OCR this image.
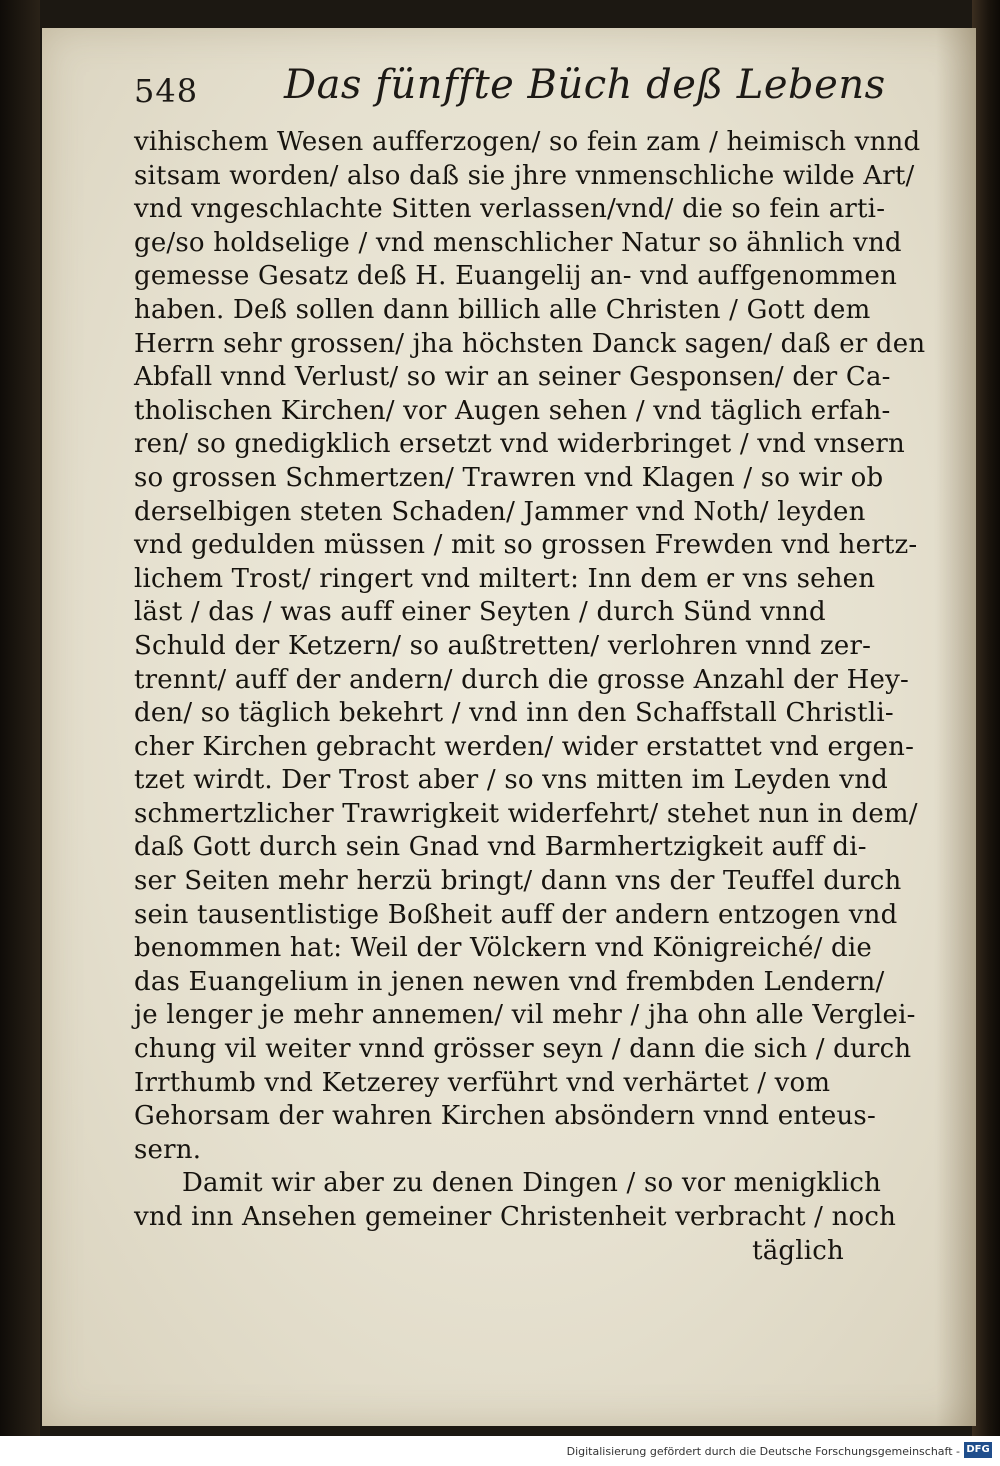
548 Das fünffte Büch deß Lebens
vihischem Wesen aufferzogen/ so fein zam / heimisch vnnd
sitsam worden/ also daß sie jhre vnmenschliche wilde Art/
vnd vngeschlachte Sitten verlassen/vnd/ die so fein arti-
ge/so holdselige / vnd menschlicher Natur so ähnlich vnd
gemesse Gesatz deß H. Euangelij an- vnd auffgenommen
haben. Deß sollen dann billich alle Christen / Gott dem
Herrn sehr grossen/ jha höchsten Danck sagen/ daß er den
Abfall vnnd Verlust/ so wir an seiner Gesponsen/ der Ca-
tholischen Kirchen/ vor Augen sehen / vnd täglich erfah-
ren/ so gnedigklich ersetzt vnd widerbringet / vnd vnsern
so grossen Schmertzen/ Trawren vnd Klagen / so wir ob
derselbigen steten Schaden/ Jammer vnd Noth/ leyden
vnd gedulden müssen / mit so grossen Frewden vnd hertz-
lichem Trost/ ringert vnd miltert: Inn dem er vns sehen
läst / das / was auff einer Seyten / durch Sünd vnnd
Schuld der Ketzern/ so außtretten/ verlohren vnnd zer-
trennt/ auff der andern/ durch die grosse Anzahl der Hey-
den/ so täglich bekehrt / vnd inn den Schaffstall Christli-
cher Kirchen gebracht werden/ wider erstattet vnd ergen-
tzet wirdt. Der Trost aber / so vns mitten im Leyden vnd
schmertzlicher Trawrigkeit widerfehrt/ stehet nun in dem/
daß Gott durch sein Gnad vnd Barmhertzigkeit auff di-
ser Seiten mehr herzü bringt/ dann vns der Teuffel durch
sein tausentlistige Boßheit auff der andern entzogen vnd
benommen hat: Weil der Völckern vnd Königreiché/ die
das Euangelium in jenen newen vnd frembden Lendern/
je lenger je mehr annemen/ vil mehr / jha ohn alle Verglei-
chung vil weiter vnnd grösser seyn / dann die sich / durch
Irrthumb vnd Ketzerey verführt vnd verhärtet / vom
Gehorsam der wahren Kirchen absöndern vnnd enteus-
sern.
Damit wir aber zu denen Dingen / so vor menigklich
vnd inn Ansehen gemeiner Christenheit verbracht / noch
täglich
Digitalisierung gefördert durch die Deutsche Forschungsgemeinschaft - DFG
